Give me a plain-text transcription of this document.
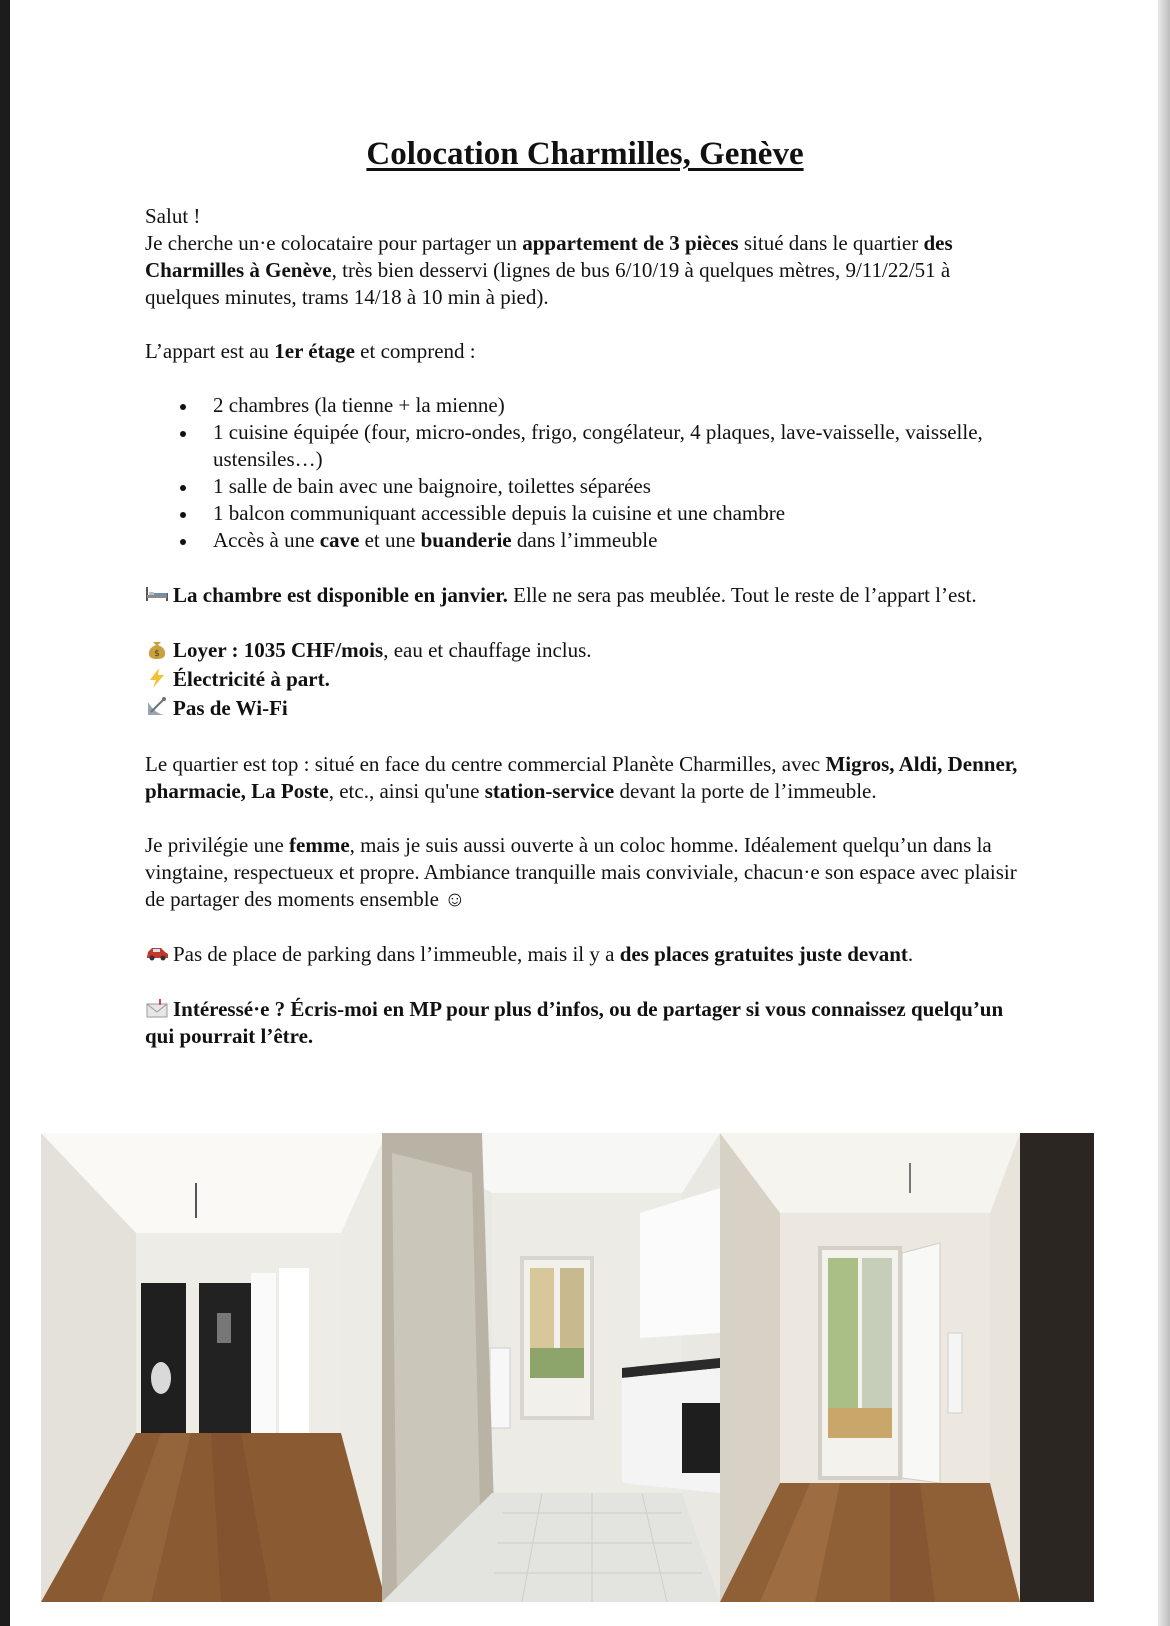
Colocation Charmilles, Genève

Salut !

Je cherche un·e colocataire pour partager un appartement de 3 pièces situé dans le quartier des Charmilles à Genève, très bien desservi (lignes de bus 6/10/19 à quelques mètres, 9/11/22/51 à quelques minutes, trams 14/18 à 10 min à pied).

L’appart est au 1er étage et comprend :

2 chambres (la tienne + la mienne)
1 cuisine équipée (four, micro-ondes, frigo, congélateur, 4 plaques, lave-vaisselle, vaisselle, ustensiles…)
1 salle de bain avec une baignoire, toilettes séparées
1 balcon communiquant accessible depuis la cuisine et une chambre
Accès à une cave et une buanderie dans l’immeuble

La chambre est disponible en janvier. Elle ne sera pas meublée. Tout le reste de l’appart l’est.

$ Loyer : 1035 CHF/mois, eau et chauffage inclus.

Électricité à part.

Pas de Wi-Fi

Le quartier est top : situé en face du centre commercial Planète Charmilles, avec Migros, Aldi, Denner, pharmacie, La Poste, etc., ainsi qu'une station-service devant la porte de l’immeuble.

Je privilégie une femme, mais je suis aussi ouverte à un coloc homme. Idéalement quelqu’un dans la vingtaine, respectueux et propre. Ambiance tranquille mais conviviale, chacun·e son espace avec plaisir de partager des moments ensemble ☺

Pas de place de parking dans l’immeuble, mais il y a des places gratuites juste devant.

Intéressé·e ? Écris-moi en MP pour plus d’infos, ou de partager si vous connaissez quelqu’un qui pourrait l’être.
